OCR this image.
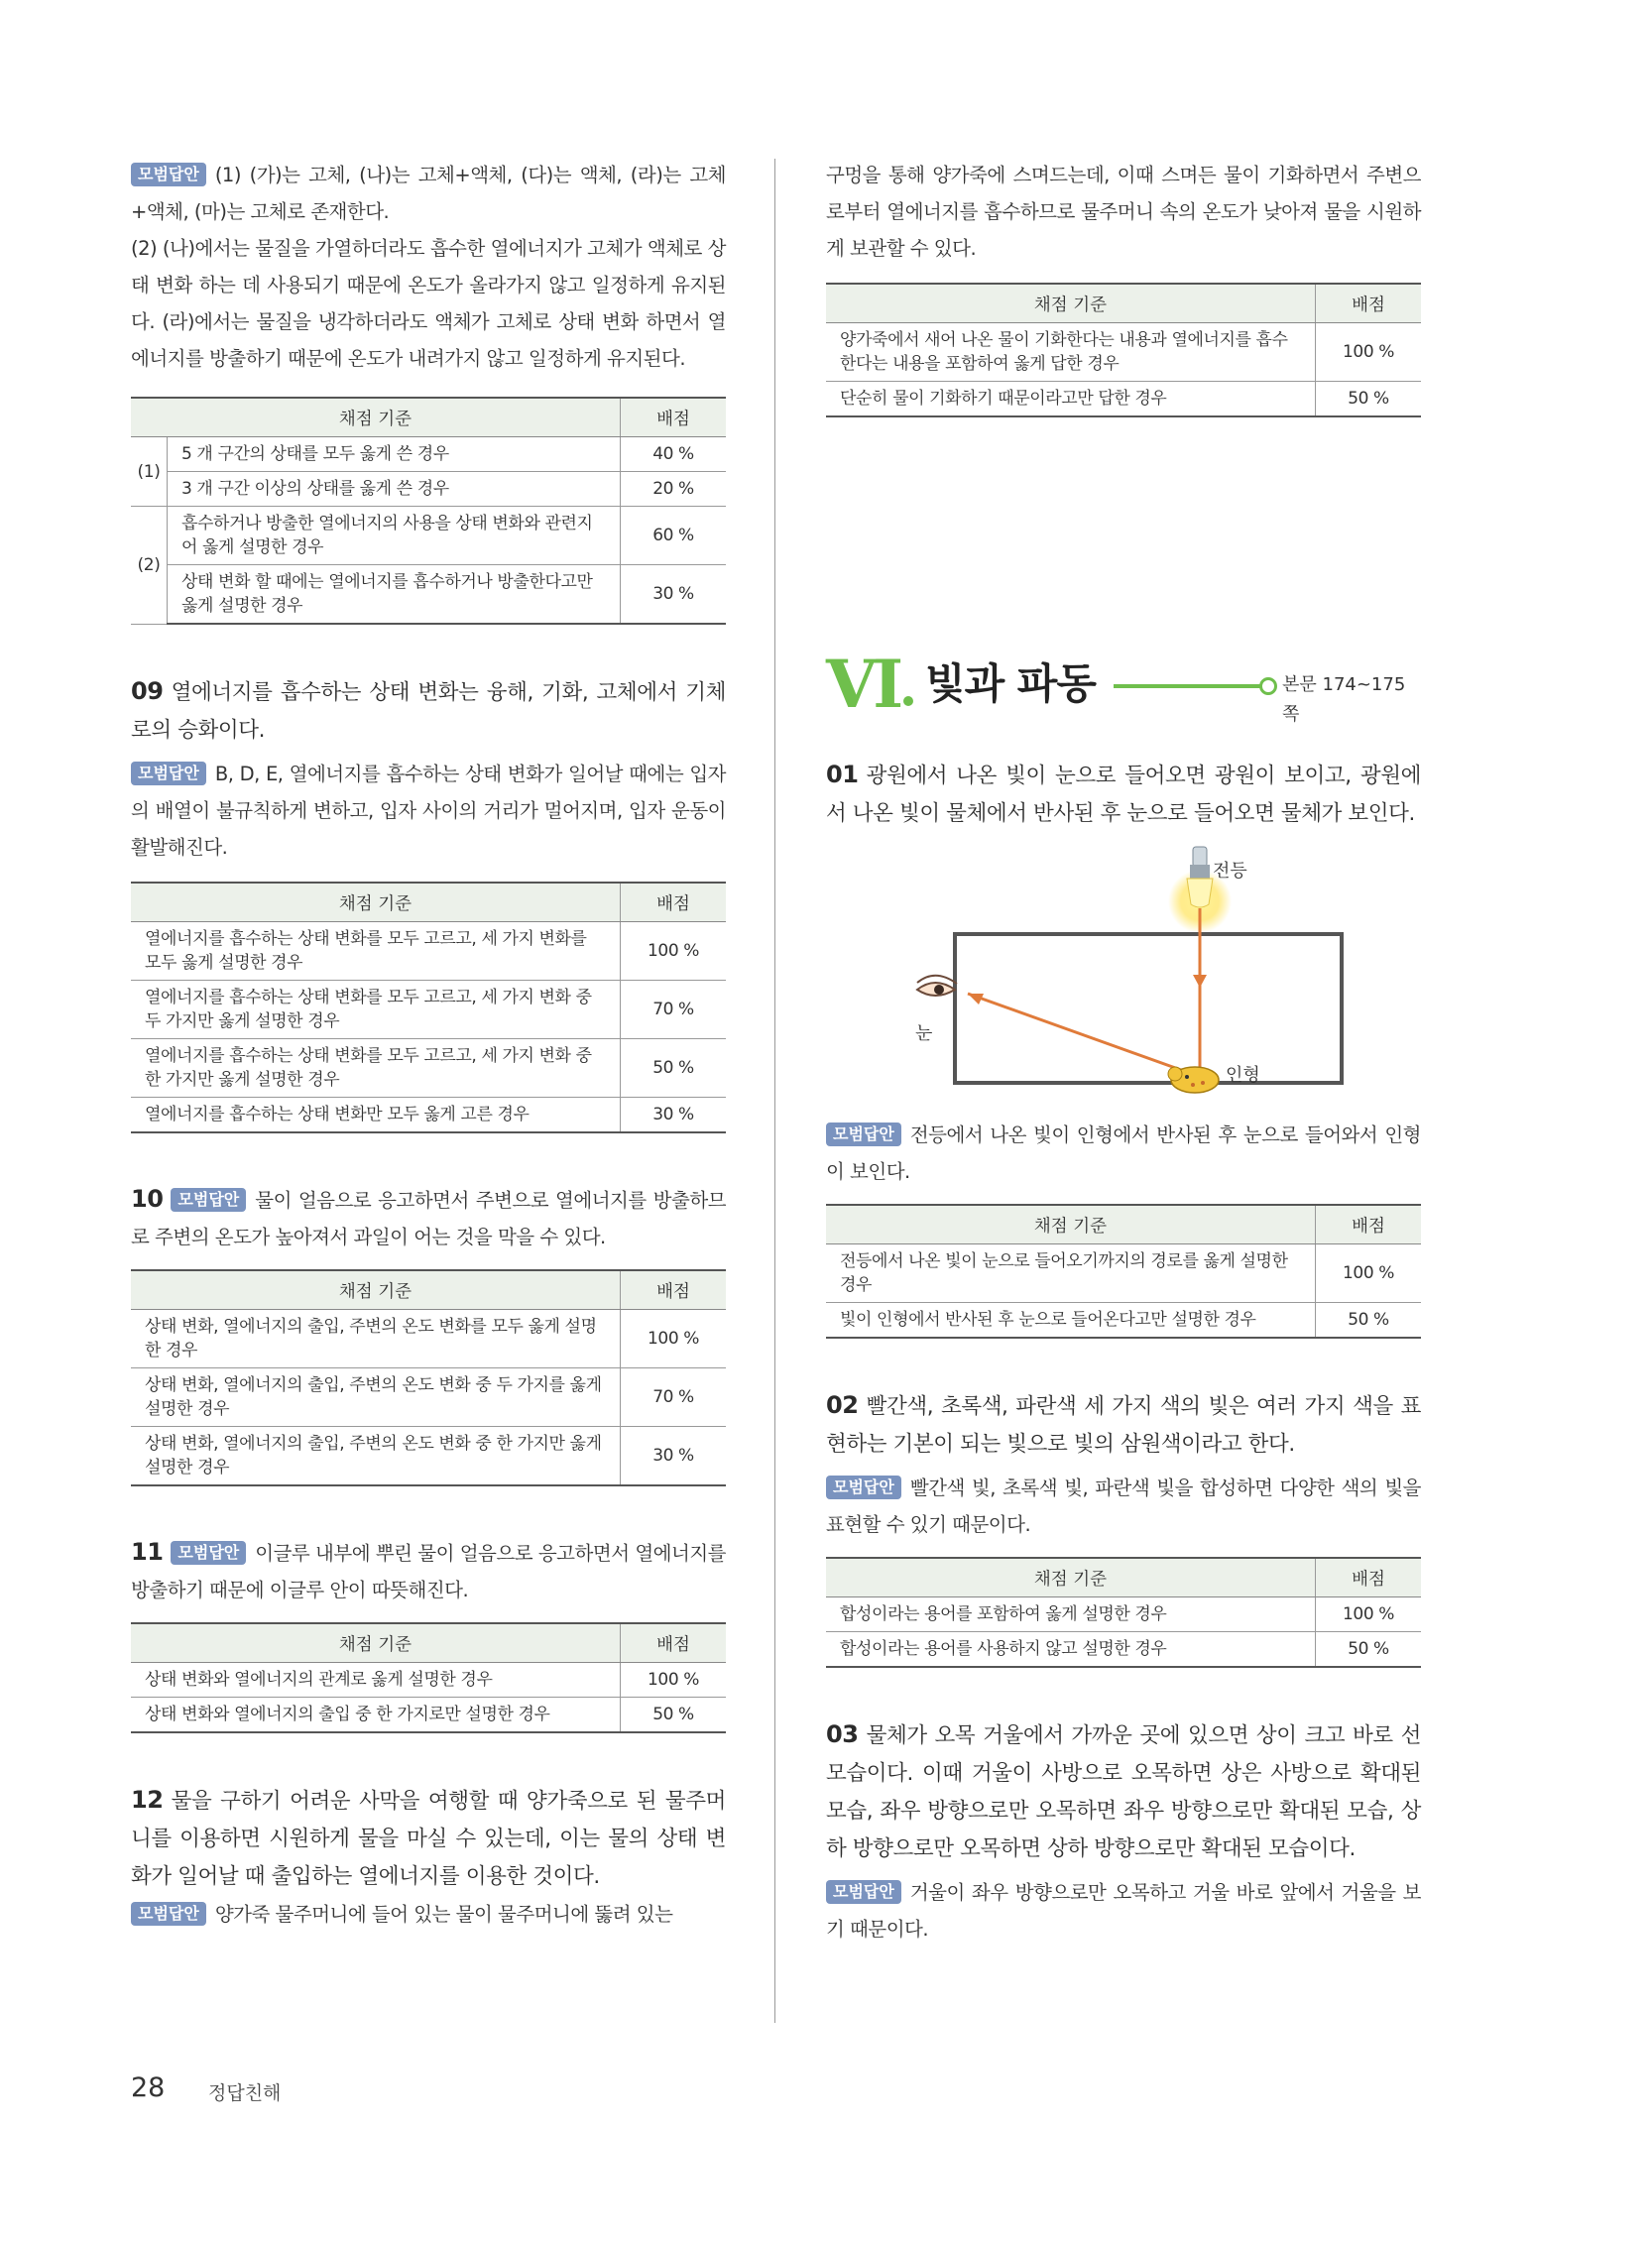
모범답안 (1) (가)는 고체, (나)는 고체+액체, (다)는 액체, (라)는 고체+액체, (마)는 고체로 존재한다.

(2) (나)에서는 물질을 가열하더라도 흡수한 열에너지가 고체가 액체로 상태 변화 하는 데 사용되기 때문에 온도가 올라가지 않고 일정하게 유지된다. (라)에서는 물질을 냉각하더라도 액체가 고체로 상태 변화 하면서 열에너지를 방출하기 때문에 온도가 내려가지 않고 일정하게 유지된다.

채점 기준		배점
(1)	5 개 구간의 상태를 모두 옳게 쓴 경우	40 %
	3 개 구간 이상의 상태를 옳게 쓴 경우	20 %
(2)	흡수하거나 방출한 열에너지의 사용을 상태 변화와 관련지어 옳게 설명한 경우	60 %
	상태 변화 할 때에는 열에너지를 흡수하거나 방출한다고만 옳게 설명한 경우	30 %

09 열에너지를 흡수하는 상태 변화는 융해, 기화, 고체에서 기체로의 승화이다.

모범답안 B, D, E, 열에너지를 흡수하는 상태 변화가 일어날 때에는 입자의 배열이 불규칙하게 변하고, 입자 사이의 거리가 멀어지며, 입자 운동이 활발해진다.

채점 기준	배점
열에너지를 흡수하는 상태 변화를 모두 고르고, 세 가지 변화를 모두 옳게 설명한 경우	100 %
열에너지를 흡수하는 상태 변화를 모두 고르고, 세 가지 변화 중 두 가지만 옳게 설명한 경우	70 %
열에너지를 흡수하는 상태 변화를 모두 고르고, 세 가지 변화 중 한 가지만 옳게 설명한 경우	50 %
열에너지를 흡수하는 상태 변화만 모두 옳게 고른 경우	30 %

10 모범답안 물이 얼음으로 응고하면서 주변으로 열에너지를 방출하므로 주변의 온도가 높아져서 과일이 어는 것을 막을 수 있다.

채점 기준	배점
상태 변화, 열에너지의 출입, 주변의 온도 변화를 모두 옳게 설명한 경우	100 %
상태 변화, 열에너지의 출입, 주변의 온도 변화 중 두 가지를 옳게 설명한 경우	70 %
상태 변화, 열에너지의 출입, 주변의 온도 변화 중 한 가지만 옳게 설명한 경우	30 %

11 모범답안 이글루 내부에 뿌린 물이 얼음으로 응고하면서 열에너지를 방출하기 때문에 이글루 안이 따뜻해진다.

채점 기준	배점
상태 변화와 열에너지의 관계로 옳게 설명한 경우	100 %
상태 변화와 열에너지의 출입 중 한 가지로만 설명한 경우	50 %

12 물을 구하기 어려운 사막을 여행할 때 양가죽으로 된 물주머니를 이용하면 시원하게 물을 마실 수 있는데, 이는 물의 상태 변화가 일어날 때 출입하는 열에너지를 이용한 것이다.

모범답안 양가죽 물주머니에 들어 있는 물이 물주머니에 뚫려 있는

구멍을 통해 양가죽에 스며드는데, 이때 스며든 물이 기화하면서 주변으로부터 열에너지를 흡수하므로 물주머니 속의 온도가 낮아져 물을 시원하게 보관할 수 있다.

채점 기준	배점
양가죽에서 새어 나온 물이 기화한다는 내용과 열에너지를 흡수한다는 내용을 포함하여 옳게 답한 경우	100 %
단순히 물이 기화하기 때문이라고만 답한 경우	50 %
VI 빛과 파동	본문 174~175쪽

01 광원에서 나온 빛이 눈으로 들어오면 광원이 보이고, 광원에서 나온 빛이 물체에서 반사된 후 눈으로 들어오면 물체가 보인다.

전등
눈
인형

모범답안 전등에서 나온 빛이 인형에서 반사된 후 눈으로 들어와서 인형이 보인다.

채점 기준	배점
전등에서 나온 빛이 눈으로 들어오기까지의 경로를 옳게 설명한 경우	100 %
빛이 인형에서 반사된 후 눈으로 들어온다고만 설명한 경우	50 %

02 빨간색, 초록색, 파란색 세 가지 색의 빛은 여러 가지 색을 표현하는 기본이 되는 빛으로 빛의 삼원색이라고 한다.

모범답안 빨간색 빛, 초록색 빛, 파란색 빛을 합성하면 다양한 색의 빛을 표현할 수 있기 때문이다.

채점 기준	배점
합성이라는 용어를 포함하여 옳게 설명한 경우	100 %
합성이라는 용어를 사용하지 않고 설명한 경우	50 %

03 물체가 오목 거울에서 가까운 곳에 있으면 상이 크고 바로 선 모습이다. 이때 거울이 사방으로 오목하면 상은 사방으로 확대된 모습, 좌우 방향으로만 오목하면 좌우 방향으로만 확대된 모습, 상하 방향으로만 오목하면 상하 방향으로만 확대된 모습이다.

모범답안 거울이 좌우 방향으로만 오목하고 거울 바로 앞에서 거울을 보기 때문이다.

28 정답친해
